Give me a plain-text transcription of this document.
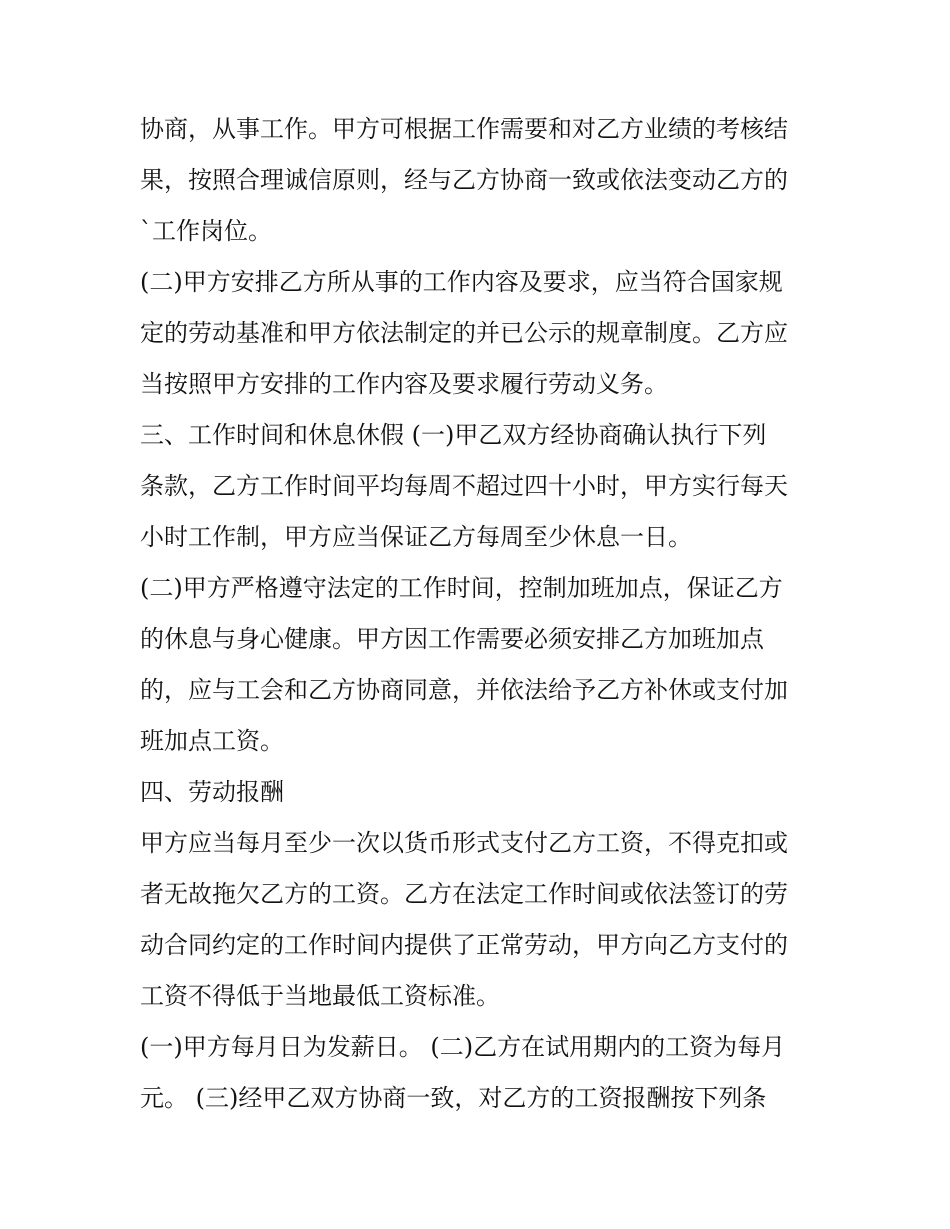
协商，从事工作。甲方可根据工作需要和对乙方业绩的考核结
果，按照合理诚信原则，经与乙方协商一致或依法变动乙方的
`工作岗位。
(二)甲方安排乙方所从事的工作内容及要求，应当符合国家规
定的劳动基准和甲方依法制定的并已公示的规章制度。乙方应
当按照甲方安排的工作内容及要求履行劳动义务。
三、工作时间和休息休假 (一)甲乙双方经协商确认执行下列
条款，乙方工作时间平均每周不超过四十小时，甲方实行每天
小时工作制，甲方应当保证乙方每周至少休息一日。
(二)甲方严格遵守法定的工作时间，控制加班加点，保证乙方
的休息与身心健康。甲方因工作需要必须安排乙方加班加点
的，应与工会和乙方协商同意，并依法给予乙方补休或支付加
班加点工资。
四、劳动报酬
甲方应当每月至少一次以货币形式支付乙方工资，不得克扣或
者无故拖欠乙方的工资。乙方在法定工作时间或依法签订的劳
动合同约定的工作时间内提供了正常劳动，甲方向乙方支付的
工资不得低于当地最低工资标准。
(一)甲方每月日为发薪日。 (二)乙方在试用期内的工资为每月
元。 (三)经甲乙双方协商一致，对乙方的工资报酬按下列条
